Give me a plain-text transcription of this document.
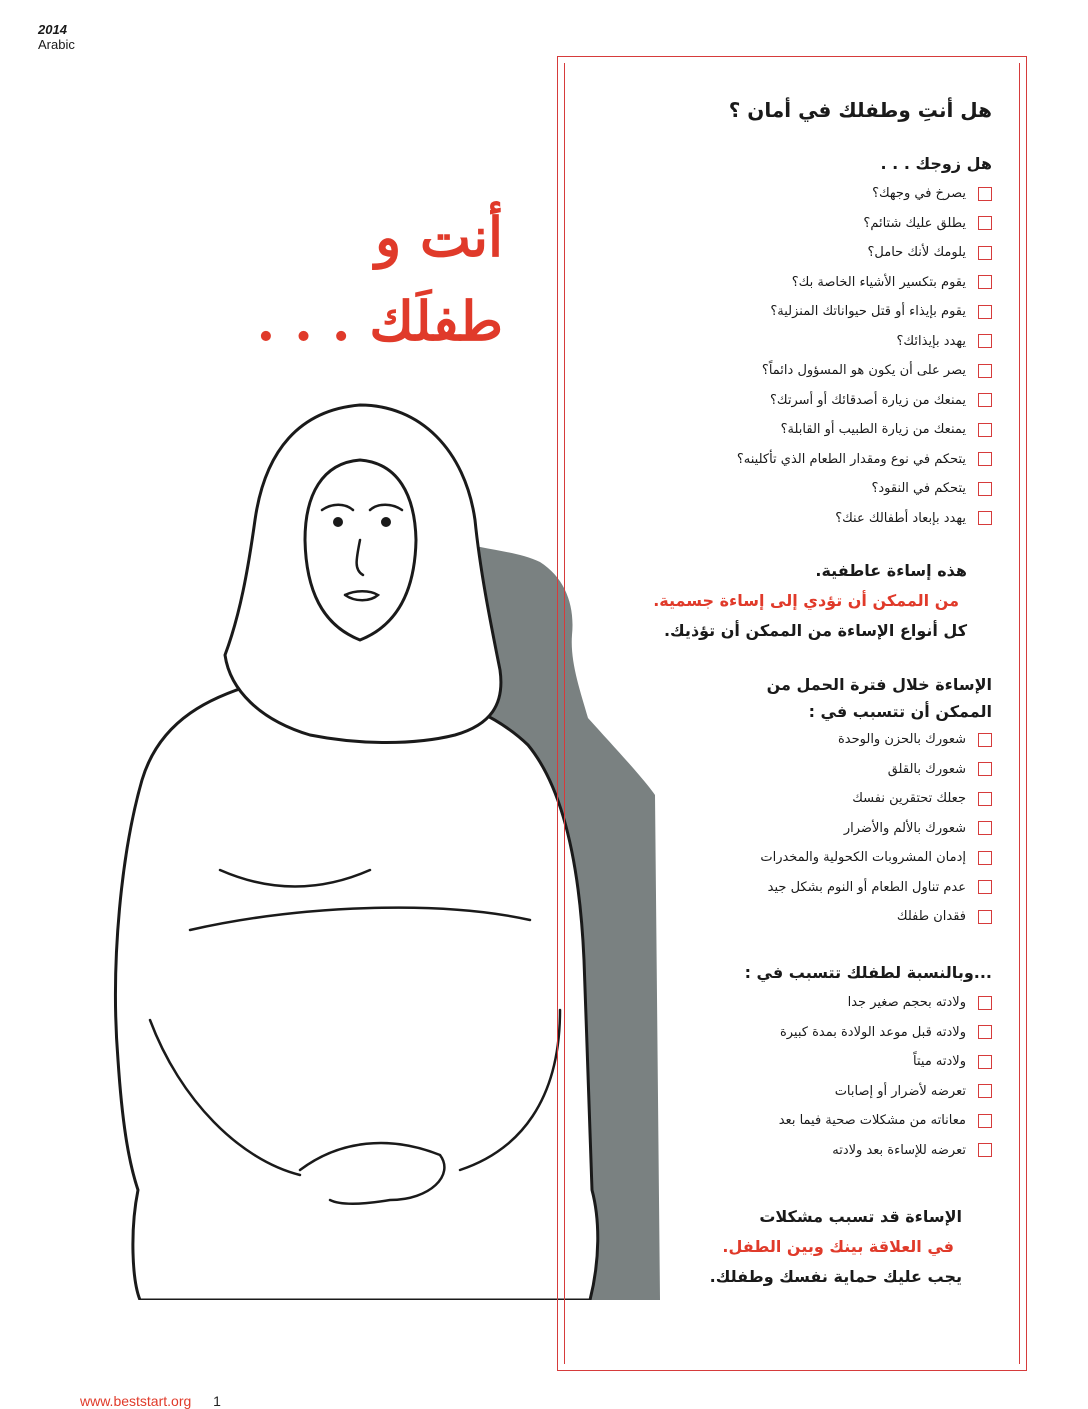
2014
Arabic
أنت و
طفلَك . . .
هل أنتِ وطفلك في أمان ؟
هل زوجك . . .
يصرخ في وجهك؟
يطلق عليك شتائم؟
يلومك لأنك حامل؟
يقوم بتكسير الأشياء الخاصة بك؟
يقوم بإيذاء أو قتل حيواناتك المنزلية؟
يهدد بإيذائك؟
يصر على أن يكون هو المسؤول دائماً؟
يمنعك من زيارة أصدقائك أو أسرتك؟
يمنعك من زيارة الطبيب أو القابلة؟
يتحكم في نوع ومقدار الطعام الذي تأكلينه؟
يتحكم في النقود؟
يهدد بإبعاد أطفالك عنك؟
هذه إساءة عاطفية.
من الممكن أن تؤدي إلى إساءة جسمية.
كل أنواع الإساءة من الممكن أن تؤذيك.
الإساءة خلال فترة الحمل من
الممكن أن تتسبب في :
شعورك بالحزن والوحدة
شعورك بالقلق
جعلك تحتقرين نفسك
شعورك بالألم والأضرار
إدمان المشروبات الكحولية والمخدرات
عدم تناول الطعام أو النوم بشكل جيد
فقدان طفلك
...وبالنسبة لطفلك تتسبب في :
ولادته بحجم صغير جدا
ولادته قبل موعد الولادة بمدة كبيرة
ولادته ميتاً
تعرضه لأضرار أو إصابات
معاناته من مشكلات صحية فيما بعد
تعرضه للإساءة بعد ولادته
الإساءة قد تسبب مشكلات
في العلاقة بينك وبين الطفل.
يجب عليك حماية نفسك وطفلك.
www.beststart.org 1
